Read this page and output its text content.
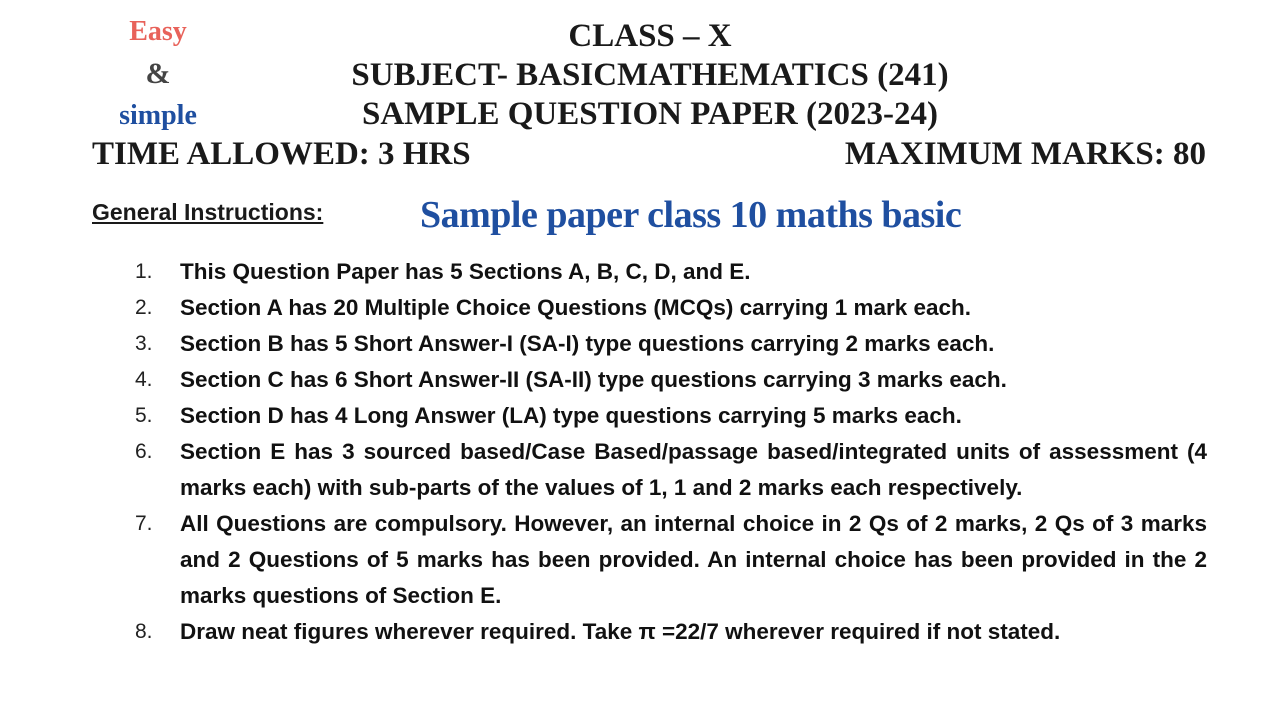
Easy
&
simple
CLASS – X
SUBJECT- BASICMATHEMATICS (241)
SAMPLE QUESTION PAPER (2023-24)
TIME ALLOWED: 3 HRS	MAXIMUM MARKS: 80
General Instructions:	Sample paper class 10 maths basic
1.	This Question Paper has 5 Sections A, B, C, D, and E.
2.	Section A has 20 Multiple Choice Questions (MCQs) carrying 1 mark each.
3.	Section B has 5 Short Answer-I (SA-I) type questions carrying 2 marks each.
4.	Section C has 6 Short Answer-II (SA-II) type questions carrying 3 marks each.
5.	Section D has 4 Long Answer (LA) type questions carrying 5 marks each.
6.	Section E has 3 sourced based/Case Based/passage based/integrated units of assessment (4 marks each) with sub-parts of the values of 1, 1 and 2 marks each respectively.
7.	All Questions are compulsory. However, an internal choice in 2 Qs of 2 marks, 2 Qs of 3 marks and 2 Questions of 5 marks has been provided. An internal choice has been provided in the 2 marks questions of Section E.
8.	Draw neat figures wherever required. Take π =22/7 wherever required if not stated.
